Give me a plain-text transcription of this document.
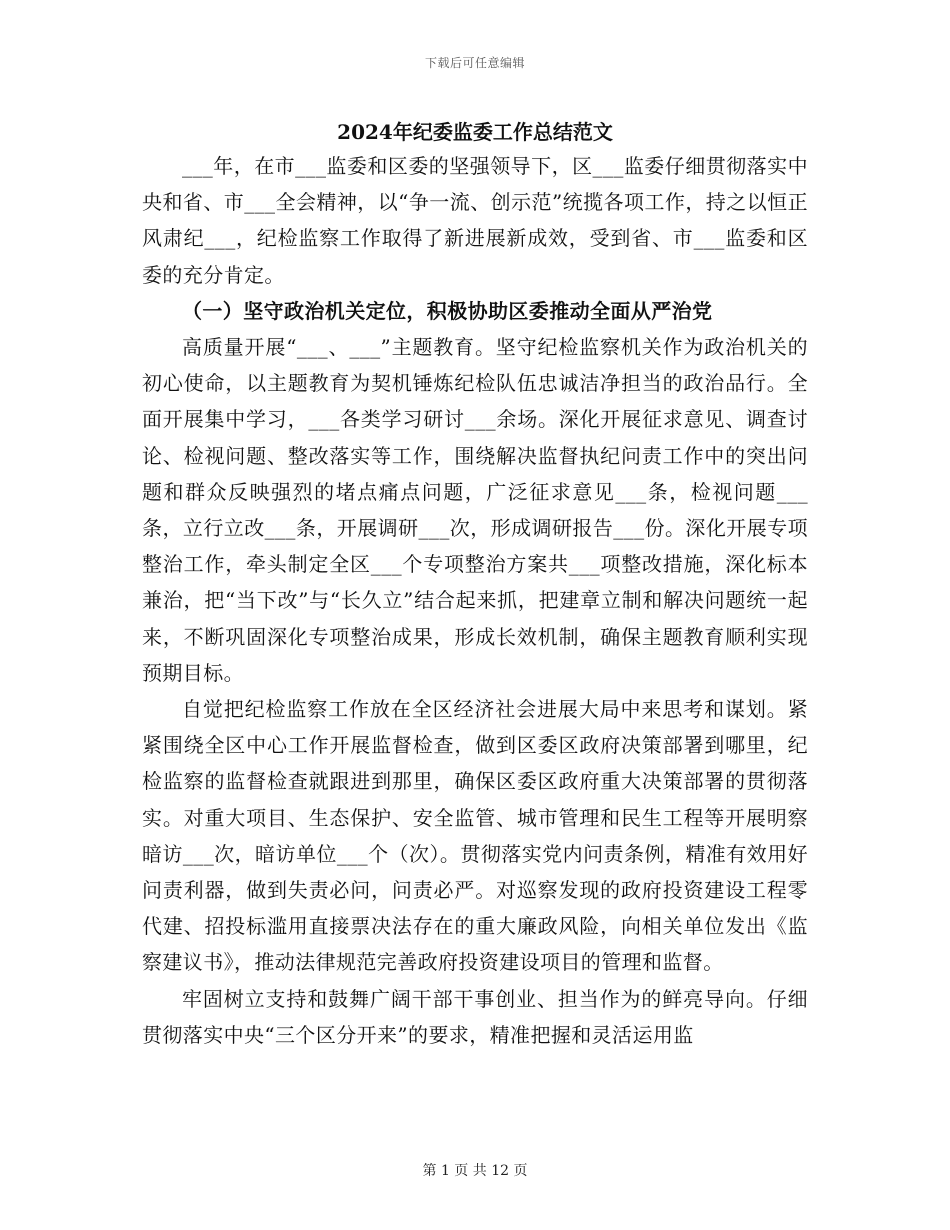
下载后可任意编辑
2024年纪委监委工作总结范文

___年，在市___监委和区委的坚强领导下，区___监委仔细贯彻落实中央和省、市___全会精神，以“争一流、创示范”统揽各项工作，持之以恒正风肃纪___，纪检监察工作取得了新进展新成效，受到省、市___监委和区委的充分肯定。

（一）坚守政治机关定位，积极协助区委推动全面从严治党

高质量开展“___、___”主题教育。坚守纪检监察机关作为政治机关的初心使命，以主题教育为契机锤炼纪检队伍忠诚洁净担当的政治品行。全面开展集中学习，___各类学习研讨___余场。深化开展征求意见、调查讨论、检视问题、整改落实等工作，围绕解决监督执纪问责工作中的突出问题和群众反映强烈的堵点痛点问题，广泛征求意见___条，检视问题___条，立行立改___条，开展调研___次，形成调研报告___份。深化开展专项整治工作，牵头制定全区___个专项整治方案共___项整改措施，深化标本兼治，把“当下改”与“长久立”结合起来抓，把建章立制和解决问题统一起来，不断巩固深化专项整治成果，形成长效机制，确保主题教育顺利实现预期目标。

自觉把纪检监察工作放在全区经济社会进展大局中来思考和谋划。紧紧围绕全区中心工作开展监督检查，做到区委区政府决策部署到哪里，纪检监察的监督检查就跟进到那里，确保区委区政府重大决策部署的贯彻落实。对重大项目、生态保护、安全监管、城市管理和民生工程等开展明察暗访___次，暗访单位___个（次）。贯彻落实党内问责条例，精准有效用好问责利器，做到失责必问，问责必严。对巡察发现的政府投资建设工程零代建、招投标滥用直接票决法存在的重大廉政风险，向相关单位发出《监察建议书》，推动法律规范完善政府投资建设项目的管理和监督。

牢固树立支持和鼓舞广阔干部干事创业、担当作为的鲜亮导向。仔细贯彻落实中央“三个区分开来”的要求，精准把握和灵活运用监

第 1 页 共 12 页
